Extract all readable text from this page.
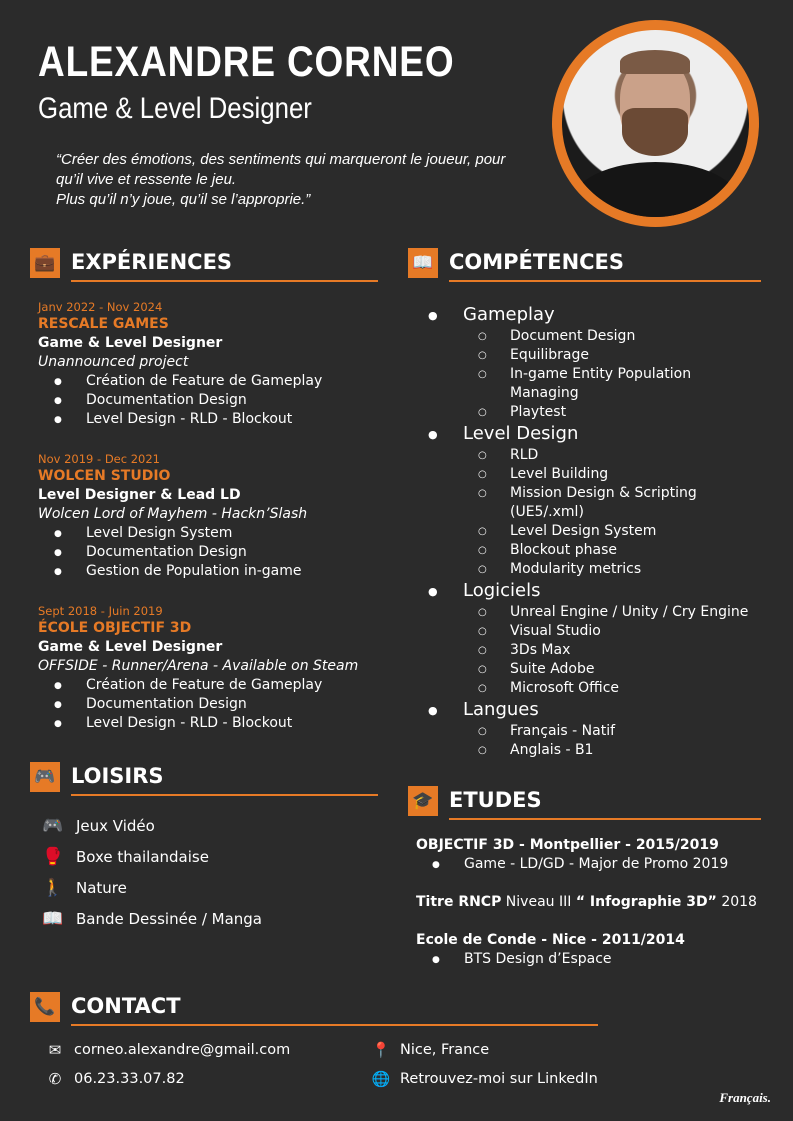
ALEXANDRE CORNEO
Game & Level Designer
“Créer des émotions, des sentiments qui marqueront le joueur, pour
qu’il vive et ressente le jeu.
Plus qu’il n’y joue, qu’il se l’approprie.”
💼 EXPÉRIENCES
Janv 2022 - Nov 2024
RESCALE GAMES
Game & Level Designer
Unannounced project
● Création de Feature de Gameplay
● Documentation Design
● Level Design - RLD - Blockout
Nov 2019 - Dec 2021
WOLCEN STUDIO
Level Designer & Lead LD
Wolcen Lord of Mayhem - Hackn’Slash
● Level Design System
● Documentation Design
● Gestion de Population in-game
Sept 2018 - Juin 2019
ÉCOLE OBJECTIF 3D
Game & Level Designer
OFFSIDE - Runner/Arena - Available on Steam
● Création de Feature de Gameplay
● Documentation Design
● Level Design - RLD - Blockout
📖 COMPÉTENCES
● Gameplay
○ Document Design
○ Equilibrage
○ In-game Entity Population Managing
○ Playtest
● Level Design
○ RLD
○ Level Building
○ Mission Design & Scripting (UE5/.xml)
○ Level Design System
○ Blockout phase
○ Modularity metrics
● Logiciels
○ Unreal Engine / Unity / Cry Engine
○ Visual Studio
○ 3Ds Max
○ Suite Adobe
○ Microsoft Office
● Langues
○ Français - Natif
○ Anglais - B1
🎮 LOISIRS
🎮 Jeux Vidéo
🥊 Boxe thailandaise
🚶 Nature
📖 Bande Dessinée / Manga
🎓 ETUDES
OBJECTIF 3D - Montpellier - 2015/2019
● Game - LD/GD - Major de Promo 2019
Titre RNCP Niveau III “ Infographie 3D” 2018
Ecole de Conde - Nice - 2011/2014
● BTS Design d’Espace
📞 CONTACT
✉ corneo.alexandre@gmail.com
✆ 06.23.33.07.82
📍 Nice, France
🌐 Retrouvez-moi sur LinkedIn
Français.
